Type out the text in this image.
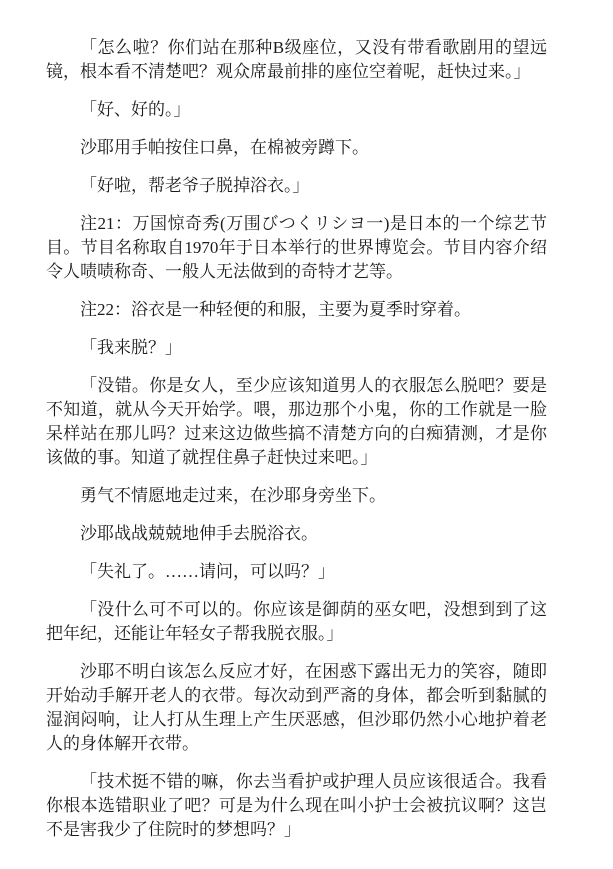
「怎么啦？你们站在那种B级座位，又没有带看歌剧用的望远镜，根本看不清楚吧？观众席最前排的座位空着呢，赶快过来。」

「好、好的。」

沙耶用手帕按住口鼻，在棉被旁蹲下。

「好啦，帮老爷子脱掉浴衣。」

注21：万国惊奇秀(万围びつくリシヨ一)是日本的一个综艺节目。节目名称取自1970年于日本举行的世界博览会。节目内容介绍令人啧啧称奇、一般人无法做到的奇特才艺等。

注22：浴衣是一种轻便的和服，主要为夏季时穿着。

「我来脱？」

「没错。你是女人，至少应该知道男人的衣服怎么脱吧？要是不知道，就从今天开始学。喂，那边那个小鬼，你的工作就是一脸呆样站在那儿吗？过来这边做些搞不清楚方向的白痴猜测，才是你该做的事。知道了就捏住鼻子赶快过来吧。」

勇气不情愿地走过来，在沙耶身旁坐下。

沙耶战战兢兢地伸手去脱浴衣。

「失礼了。……请问，可以吗？」

「没什么可不可以的。你应该是御荫的巫女吧，没想到到了这把年纪，还能让年轻女子帮我脱衣服。」

沙耶不明白该怎么反应才好，在困惑下露出无力的笑容，随即开始动手解开老人的衣带。每次动到严斋的身体，都会听到黏腻的湿润闷响，让人打从生理上产生厌恶感，但沙耶仍然小心地护着老人的身体解开衣带。

「技术挺不错的嘛，你去当看护或护理人员应该很适合。我看你根本选错职业了吧？可是为什么现在叫小护士会被抗议啊？这岂不是害我少了住院时的梦想吗？」
